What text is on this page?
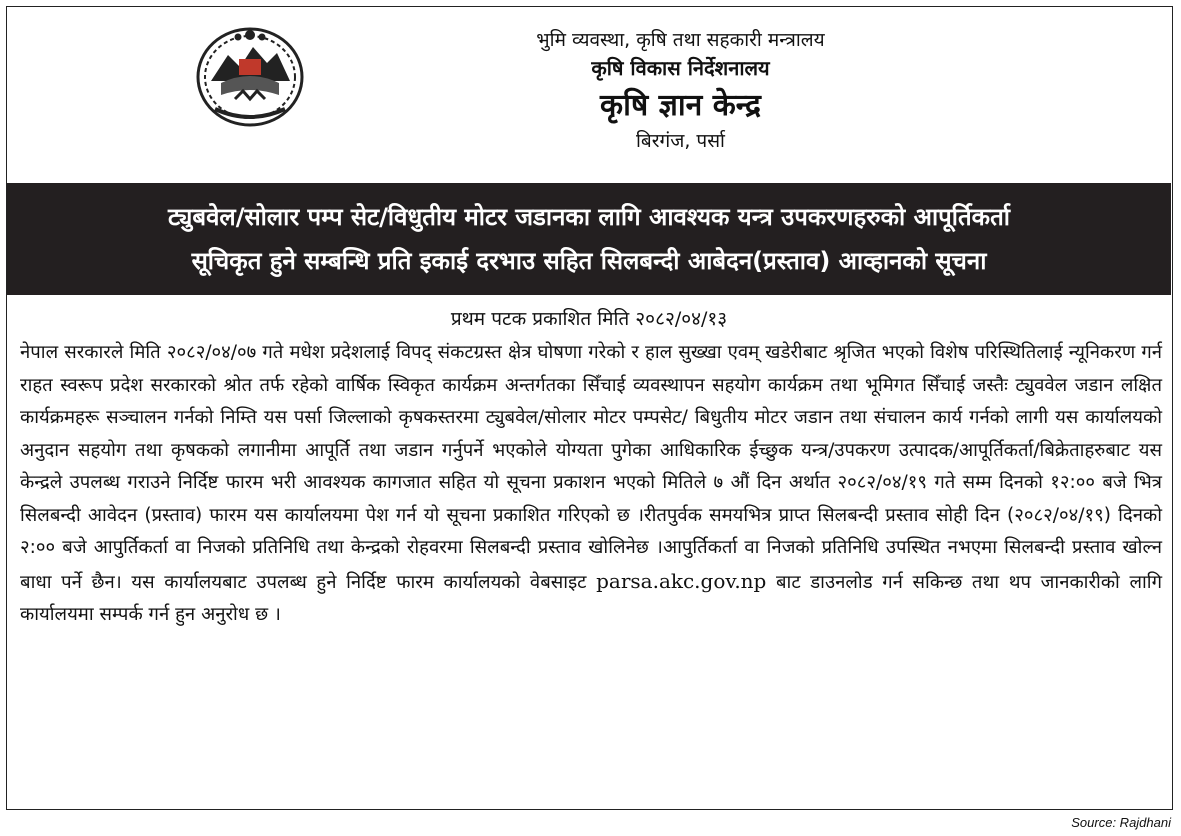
भुमि व्यवस्था, कृषि तथा सहकारी मन्त्रालय
कृषि विकास निर्देशनालय
कृषि ज्ञान केन्द्र
बिरगंज, पर्सा
ट्युबवेल/सोलार पम्प सेट/विधुतीय मोटर जडानका लागि आवश्यक यन्त्र उपकरणहरुको आपूर्तिकर्ता
सूचिकृत हुने सम्बन्धि प्रति इकाई दरभाउ सहित सिलबन्दी आबेदन(प्रस्ताव) आव्हानको सूचना
प्रथम पटक प्रकाशित मिति २०८२/०४/१३
नेपाल सरकारले मिति २०८२/०४/०७ गते मधेश प्रदेशलाई विपद् संकटग्रस्त क्षेत्र घोषणा गरेको र हाल सुख्खा एवम् खडेरीबाट श्रृजित भएको विशेष परिस्थितिलाई न्यूनिकरण गर्न राहत स्वरूप प्रदेश सरकारको श्रोत तर्फ रहेको वार्षिक स्विकृत कार्यक्रम अन्तर्गतका सिँचाई व्यवस्थापन सहयोग कार्यक्रम तथा भूमिगत सिँचाई जस्तैः ट्युववेल जडान लक्षित कार्यक्रमहरू सञ्चालन गर्नको निम्ति यस पर्सा जिल्लाको कृषकस्तरमा ट्युबवेल/सोलार मोटर पम्पसेट/ बिधुतीय मोटर जडान तथा संचालन कार्य गर्नको लागी यस कार्यालयको अनुदान सहयोग तथा कृषकको लगानीमा आपूर्ति तथा जडान गर्नुपर्ने भएकोले योग्यता पुगेका आधिकारिक ईच्छुक यन्त्र/उपकरण उत्पादक/आपूर्तिकर्ता/बिक्रेताहरुबाट यस केन्द्रले उपलब्ध गराउने निर्दिष्ट फारम भरी आवश्यक कागजात सहित यो सूचना प्रकाशन भएको मितिले ७ औं दिन अर्थात २०८२/०४/१९ गते सम्म दिनको १२:०० बजे भित्र सिलबन्दी आवेदन (प्रस्ताव) फारम यस कार्यालयमा पेश गर्न यो सूचना प्रकाशित गरिएको छ ।रीतपुर्वक समयभित्र प्राप्त सिलबन्दी प्रस्ताव सोही दिन (२०८२/०४/१९) दिनको २:०० बजे आपुर्तिकर्ता वा निजको प्रतिनिधि तथा केन्द्रको रोहवरमा सिलबन्दी प्रस्ताव खोलिनेछ ।आपुर्तिकर्ता वा निजको प्रतिनिधि उपस्थित नभएमा सिलबन्दी प्रस्ताव खोल्न बाधा पर्ने छैन। यस कार्यालयबाट उपलब्ध हुने निर्दिष्ट फारम कार्यालयको वेबसाइट parsa.akc.gov.np बाट डाउनलोड गर्न सकिन्छ तथा थप जानकारीको लागि कार्यालयमा सम्पर्क गर्न हुन अनुरोध छ ।
Source: Rajdhani
